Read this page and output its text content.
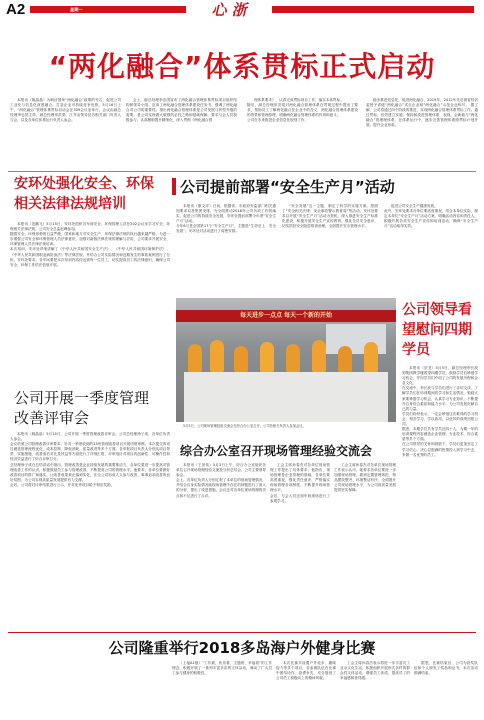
A2	2018年5月8日
星期一	心 浙
“两化融合”体系贯标正式启动

本报讯（姚晶晶）为响应国家“两化融合”政策的号召，促进公司工业化与信息化深度融合，打造企业可持续竞争优势。5月16日上午，“两化融合”管理体系贯标启动会在309会议室举行。会议由副总经理李忠国主持，副总经理常洪梁、江齐金领导及各相关部门负责人与会，以及各单位体系运行负责人参会。

会上，副总经理李忠国宣布了两化融合管理体系贯标项目组织结构和领导小组。宣读了两化融合管理体系建设任务书。强调了两化融合对公司的重要性。指出两化融合管理体系是公司发展与转型升级的需要，是公司实现做大做强的必经之路和基础保障。要求与会人员积极参与，认真履职提升精细化，深入贯彻《两化融合管

理体系要求》，认真完成贯标项目工作，落实本体贯标。
随后，副总经理常洪梁对两化融合管理体系在贯彻过程中提出了要求，帮助员工了解两化融合在企业中的含义，两化融合管理体系建设的背景和管理原理，明确两化融合管理体系的作用和意义。
公司在未来推进企业信息化规划工作，

稳步推进信息化，促进两化融合，2019年，2012年先后被省经信委授予省级“两化融合”试点企业和“两化融合”示范企业称号。 据了解，公司将通过四个阶段的推进，实现两化融合管理体系贯标工作。通过贯标，有效建立实施、保持和改进管理体系，表现，会新能与“两化融合”管理理体系，在体系运行中，逐步完善管理体系照贯标计划开展，提升企业形象。

安环处强化安全、环保相关法律法规培训

本报讯（范鹏飞）5月15日，安环处组织各车间安全、环保管理人员在202会议室学习安全、环保相关法律法规，公司安全总监赵峰参加。
随着安全、环保形势的日益严峻，国家和地方对安全生产、环保法律法规的执行越来越严格，为进一步增强公司安全和环保管理人员法律意识，加强对新版法律法规的理解与应用，公司要求开展安全、环保管理人员法律法规培训。
本次培训，安环处详细讲解了《中华人民共和国安全生产法》、《中华人民共和国环境保护法》、《中华人民共和国职业病防治法》等法律法规，并结合公司实际情况和近期发生的事故案例进行了分析。安环处要求，各车间要把本次培训内容传达到每一位员工，切实提高员工的法律意识，确保公司安全、环保工作依法依规开展。

公司开展一季度管理改善评审会

本报讯（姚晶晶）5月15日，公司开展一季度管理改善评审会。公司总经理徐子成，各单位负责人参会。
会议依照公司管理改善评审要求，针对一季度收到的13份管理改善项目开展申报审核。本次提交的项目涵盖管理流程优化、成本控制、降低消耗、质量改进等多个方面。各申报项目负责人分别从项目背景、实施措施、改善前后对比及效益等方面进行了详细汇报，评审组针对项目的创新性、可操作性和经济效益进行了综合评审打分。
总经理徐子成在总结讲话中指出，管理改善是企业持续发展的重要推动力，各单位要进一步提高对管理改善工作的认识，积极鼓励员工参与管理改善，不断提高公司的管理水平。他要求，各单位要做好改善项目的推广和落实，让改善成果真正落到实处，在全公司形成人人参与改善、事事追求改善的良好氛围，为公司实现高质量发展提供有力支撑。
会后，公司将对评审结果进行公示，并对优秀项目给予相应奖励。

公司提前部署“安全生产月”活动

本报讯（康文洋）日前，根据省、市政府安监部门相关通知要求以及集团安排，为全面推动2018年公司各项工作的落实，促进公司的持续安全发展，安环处提前部署今年度“安全生产月”活动。
今年6月是全国第17个“安全生产月”，主题是“生命至上、安全发展”。安环处对活动进行了周密安排。

“安全发展”这一主题，制定了科学的实施方案。按照了“安全相关法律、安全事故警示教育周”等活动，安环处要求以开展“安全生产月”活动为契机，深入推进安全生产标准化建设，积极开展安全生产宣传教育，强化全员安全意识，切实抓好安全隐患排查治理，全面提升安全管理水平。

促进公司安全生产健康发展。
此外，安环处要求各单位要高度重视，结合本单位实际，制定本单位“安全生产月”活动方案，明确活动内容和责任人，积极开展各类安全生产宣传和培训活动，确保“安全生产月”活动取得实效。

每天进步一点点 每天一个新的开始

5月3日，公司现场管理经验交流会在综合办公室召开，公司各相关负责人参加会议。

综合办公室召开现场管理经验交流会

本报讯（王世伟）5月3日上午，综合办公室组织各单位召开现场管理经验交流及分析总结会。公司主要领导参会。
会上，各单位负责人分别汇报了本单位的现场管理情况，并结合自身实际情况就现场管理中存在的问题进行了深入的分析，提出了改进措施。会议还对各单位现场管理的亮点和不足进行了点评。

工会主席孙春杰对各单位现场管理工作提出了具体要求，他指出，现场管理是企业管理的基础，各单位要高度重视，强化责任意识，严格落实现场管理各项制度，不断提升现场管理水平。
会后，与会人员还到车间现场进行了参观学习。

工会主席孙春杰对各单位现场管理工作表示认可，她要求各单位要进一步加强现场管理，做到定置管理规范、物品摆放整齐、环境整洁有序，全面提升公司现场管理水平，为公司高质量发展提供坚实保障。

公司领导看望慰问四期学员

本报讯（贺龙）5月5日，副总经理李长波到集团教学楼看望四期学员，鼓励学员们珍惜学习机会，并向学员们介绍了公司的发展历程和企业文化。
在交流中，李长波与学员们进行了亲切交谈，了解学员们在培训期间的学习和生活情况，勉励大家要珍惜学习机会，认真学习专业知识，不断提升自身综合素质和能力水平，为公司发展贡献自己的力量。
学员们纷纷表示，一定会珍惜这次难得的学习机会，刻苦学习，学以致用，以优异的成绩回报公司。
据悉，本期学员共有学员近四十人，为期一年的培训课程内容涵盖企业管理、专业技术、综合素质等多个方面。
在公司领导的关怀和鼓励下，学员们更加坚定了学习信心，决心以饱满的热情投入到学习中去，争做一名优秀的员工。

公司隆重举行2018多岛海户外健身比赛

（上接A1版）“工作最，快乐看、主题班、幸福看”的工作理念，积极开展了一系列丰富多彩的文体活动，调动了广大员工参与健身的积极性。

本次比赛共设置户外徒步、趣味接力等多个项目，各参赛队伍在比赛中团结协作、奋勇争先，充分展现了公司员工积极向上的精神风貌。

工会主席孙春杰表示将进一步丰富员工业余文化生活，积极组织开展形式多样的群众性文体活动，增强员工体质，提高员工的幸福感和获得感。

据悉，比赛结束后，公司为获奖队伍和个人颁发了奖品和证书，本次活动圆满结束。
